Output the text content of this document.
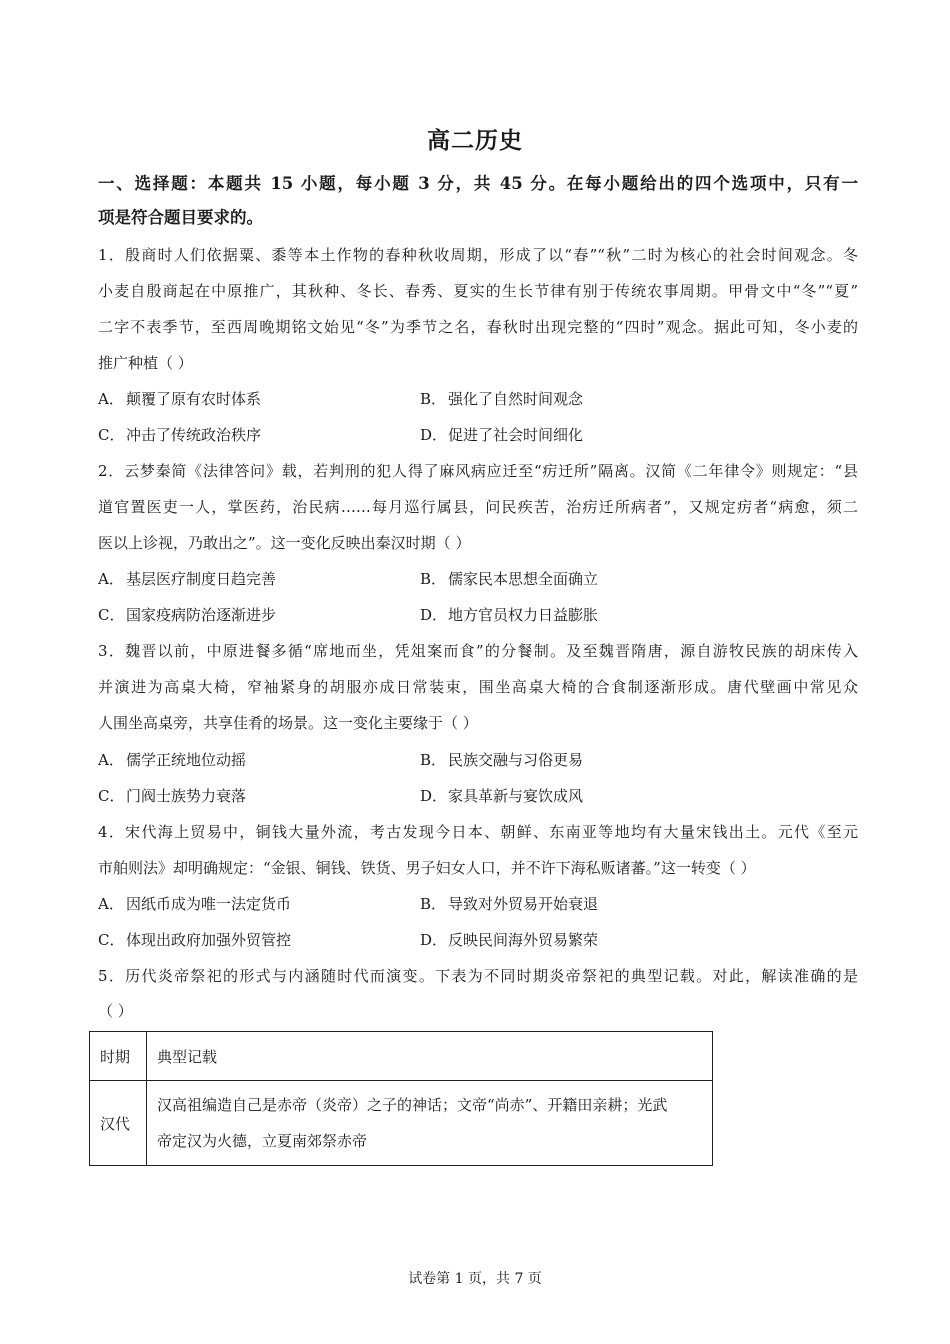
高二历史
一、选择题：本题共 15 小题，每小题 3 分，共 45 分。在每小题给出的四个选项中，只有一
项是符合题目要求的。
1．殷商时人们依据粟、黍等本土作物的春种秋收周期，形成了以“春”“秋”二时为核心的社会时间观念。冬
小麦自殷商起在中原推广，其秋种、冬长、春秀、夏实的生长节律有别于传统农事周期。甲骨文中“冬”“夏”
二字不表季节，至西周晚期铭文始见“冬”为季节之名，春秋时出现完整的“四时”观念。据此可知，冬小麦的
推广种植（ ）
A． 颠覆了原有农时体系	B． 强化了自然时间观念
C． 冲击了传统政治秩序	D．促进了社会时间细化
2．云梦秦简《法律答问》载，若判刑的犯人得了麻风病应迁至“疠迁所”隔离。汉简《二年律令》则规定：“县
道官置医吏一人，掌医药，治民病……每月巡行属县，问民疾苦，治疠迁所病者”，又规定疠者“病愈，须二
医以上诊视，乃敢出之”。这一变化反映出秦汉时期（ ）
A． 基层医疗制度日趋完善	B． 儒家民本思想全面确立
C． 国家疫病防治逐渐进步	D．地方官员权力日益膨胀
3．魏晋以前，中原进餐多循“席地而坐，凭俎案而食”的分餐制。及至魏晋隋唐，源自游牧民族的胡床传入
并演进为高桌大椅，窄袖紧身的胡服亦成日常装束，围坐高桌大椅的合食制逐渐形成。唐代壁画中常见众
人围坐高桌旁，共享佳肴的场景。这一变化主要缘于（ ）
A． 儒学正统地位动摇	B． 民族交融与习俗更易
C． 门阀士族势力衰落	D．家具革新与宴饮成风
4．宋代海上贸易中，铜钱大量外流，考古发现今日本、朝鲜、东南亚等地均有大量宋钱出土。元代《至元
市舶则法》却明确规定：“金银、铜钱、铁货、男子妇女人口，并不许下海私贩诸蕃。”这一转变（ ）
A． 因纸币成为唯一法定货币	B． 导致对外贸易开始衰退
C． 体现出政府加强外贸管控	D．反映民间海外贸易繁荣
5．历代炎帝祭祀的形式与内涵随时代而演变。下表为不同时期炎帝祭祀的典型记载。对此，解读准确的是
（ ）
时期	典型记载
汉代	汉高祖编造自己是赤帝（炎帝）之子的神话；文帝“尚赤”、开籍田亲耕；光武
帝定汉为火德，立夏南郊祭赤帝
试卷第 1 页，共 7 页
